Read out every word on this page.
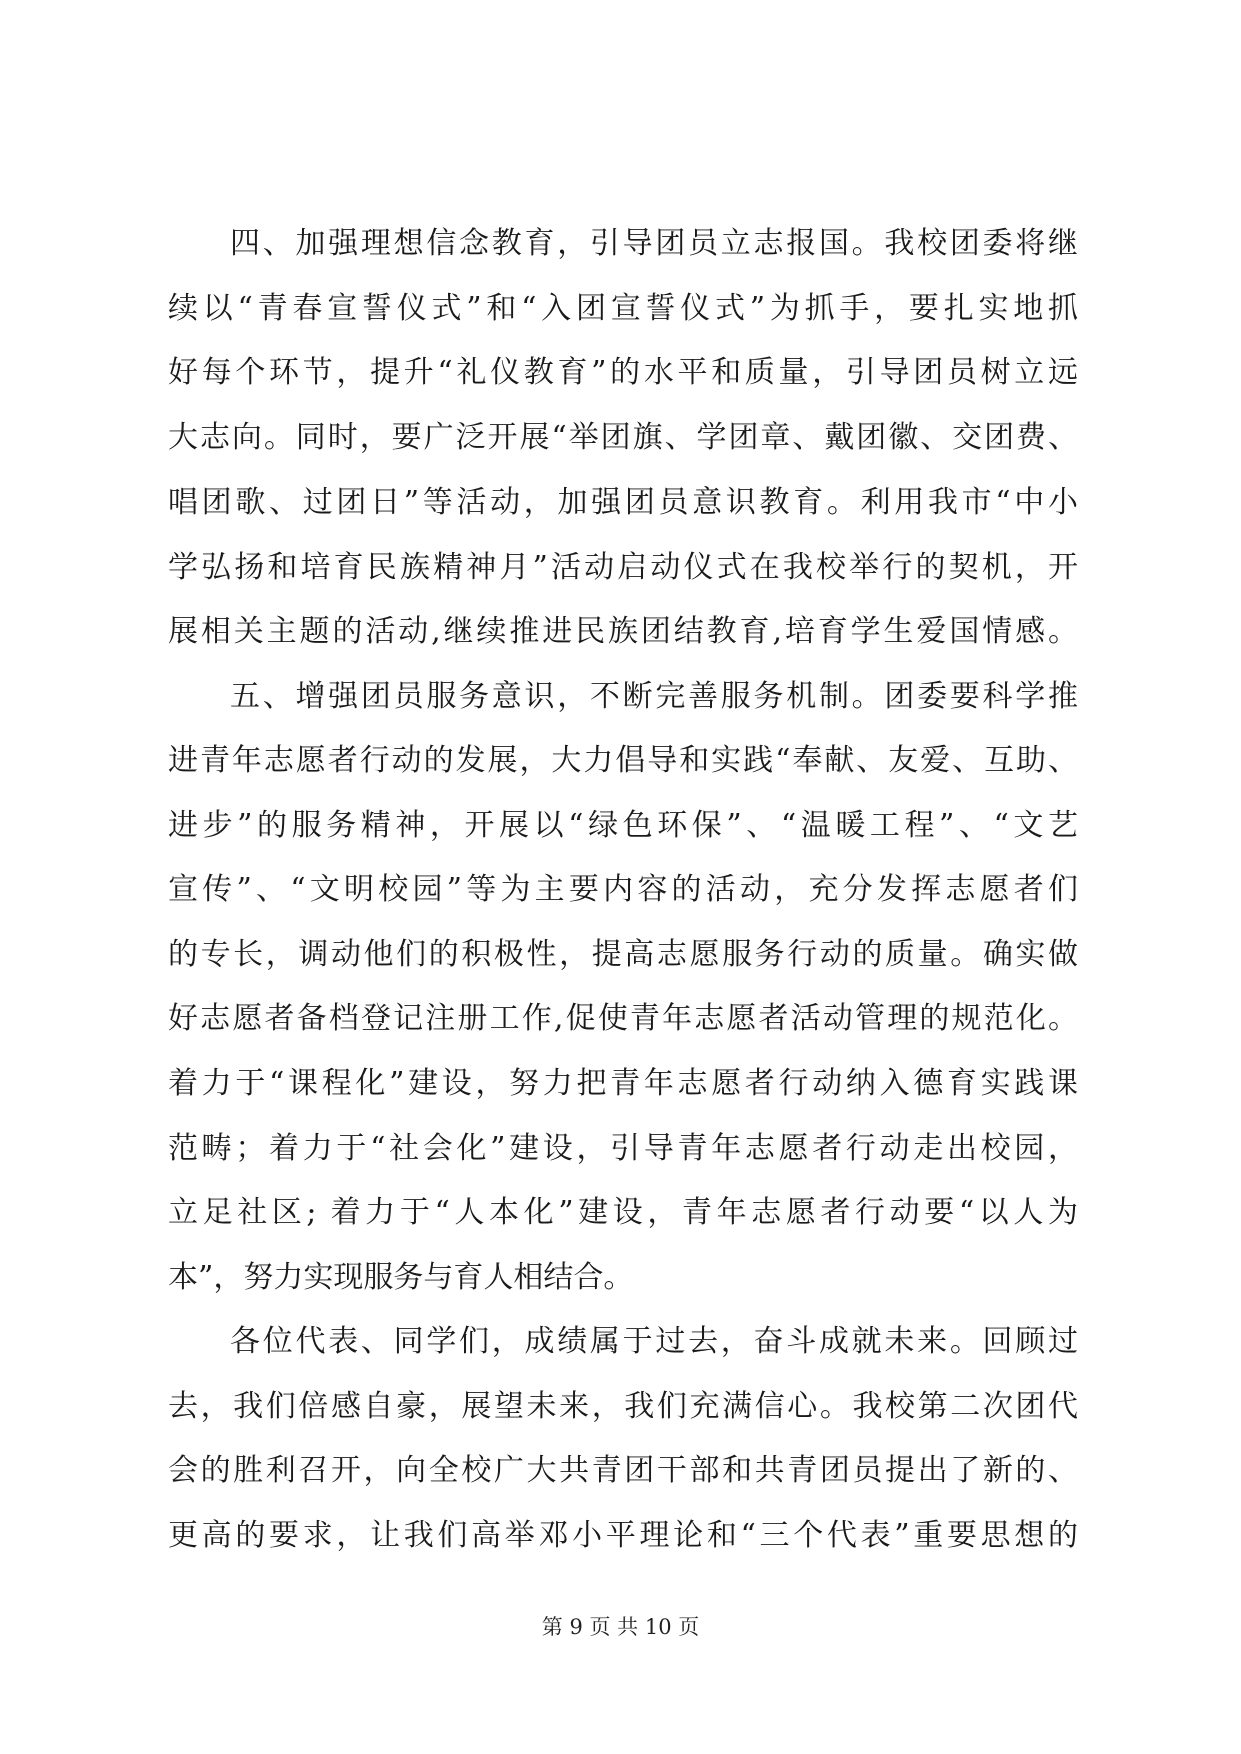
四、加强理想信念教育，引导团员立志报国。我校团委将继
续以“青春宣誓仪式”和“入团宣誓仪式”为抓手，要扎实地抓
好每个环节，提升“礼仪教育”的水平和质量，引导团员树立远
大志向。同时，要广泛开展“举团旗、学团章、戴团徽、交团费、
唱团歌、过团日”等活动，加强团员意识教育。利用我市“中小
学弘扬和培育民族精神月”活动启动仪式在我校举行的契机，开
展相关主题的活动,继续推进民族团结教育,培育学生爱国情感。
五、增强团员服务意识，不断完善服务机制。团委要科学推
进青年志愿者行动的发展，大力倡导和实践“奉献、友爱、互助、
进步”的服务精神，开展以“绿色环保”、“温暖工程”、“文艺
宣传”、“文明校园”等为主要内容的活动，充分发挥志愿者们
的专长，调动他们的积极性，提高志愿服务行动的质量。确实做
好志愿者备档登记注册工作,促使青年志愿者活动管理的规范化。
着力于“课程化”建设，努力把青年志愿者行动纳入德育实践课
范畴；着力于“社会化”建设，引导青年志愿者行动走出校园，
立足社区; 着力于“人本化”建设，青年志愿者行动要“以人为
本”，努力实现服务与育人相结合。
各位代表、同学们，成绩属于过去，奋斗成就未来。回顾过
去，我们倍感自豪，展望未来，我们充满信心。我校第二次团代
会的胜利召开，向全校广大共青团干部和共青团员提出了新的、
更高的要求，让我们高举邓小平理论和“三个代表”重要思想的
第 9 页 共 10 页
